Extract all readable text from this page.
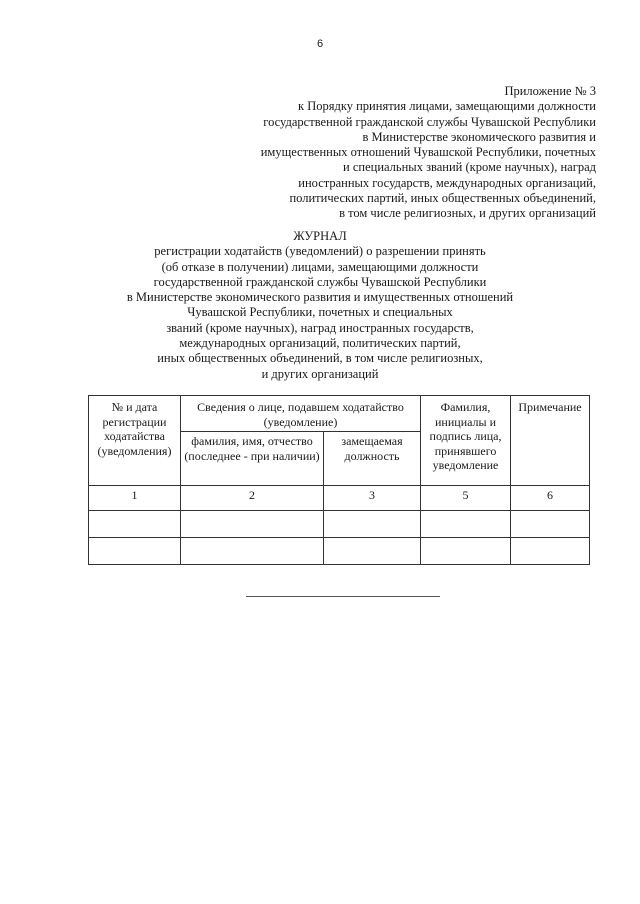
6
Приложение № 3
к Порядку принятия лицами, замещающими должности
государственной гражданской службы Чувашской Республики
в Министерстве экономического развития и
имущественных отношений Чувашской Республики, почетных
и специальных званий (кроме научных), наград
иностранных государств, международных организаций,
политических партий, иных общественных объединений,
в том числе религиозных, и других организаций
ЖУРНАЛ
регистрации ходатайств (уведомлений) о разрешении принять
(об отказе в получении) лицами, замещающими должности
государственной гражданской службы Чувашской Республики
в Министерстве экономического развития и имущественных отношений
Чувашской Республики, почетных и специальных
званий (кроме научных), наград иностранных государств,
международных организаций, политических партий,
иных общественных объединений, в том числе религиозных,
и других организаций
№ и дата регистрации ходатайства (уведомления)	Сведения о лице, подавшем ходатайство (уведомление)		Фамилия, инициалы и подпись лица, принявшего уведомление	Примечание
	фамилия, имя, отчество (последнее - при наличии)	замещаемая должность		
1	2	3	5	6
